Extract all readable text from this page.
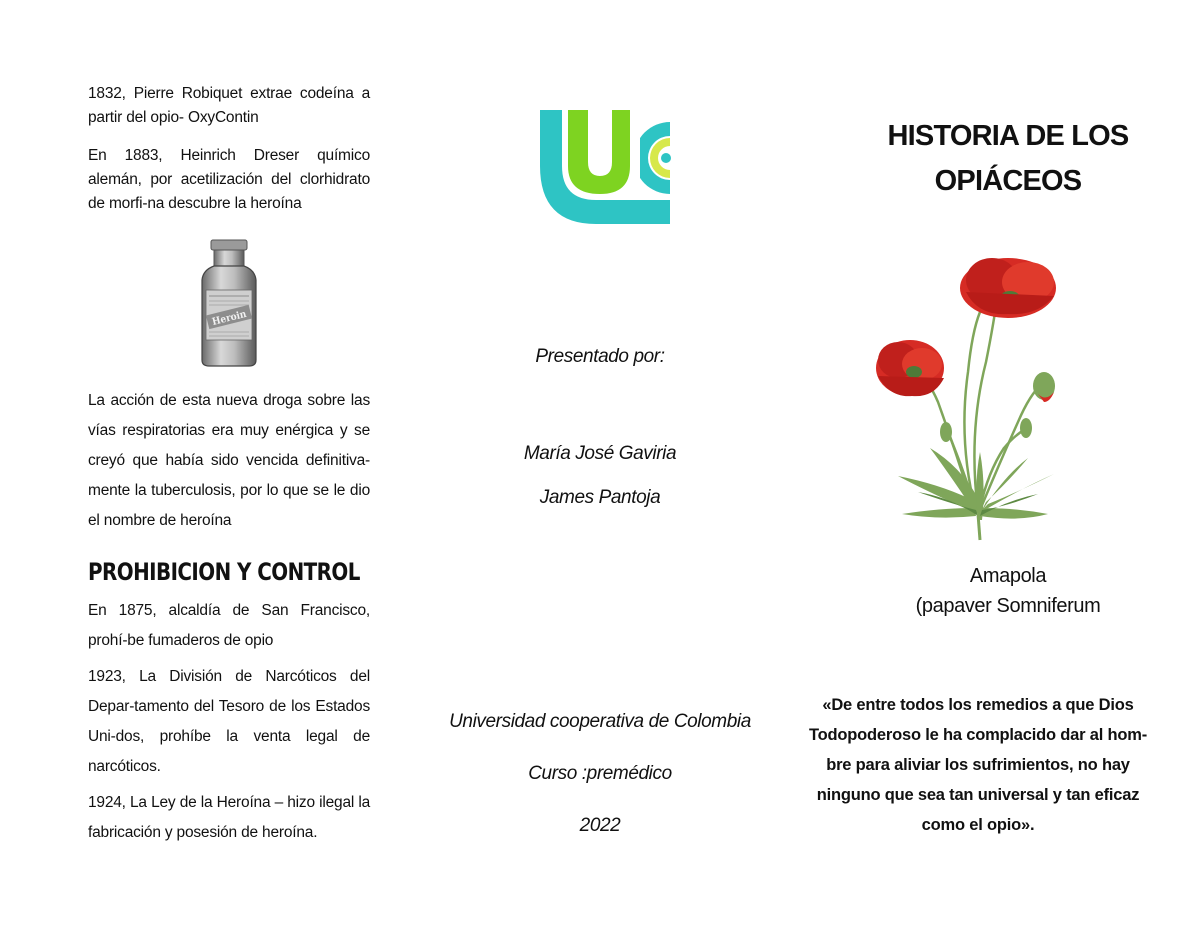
1832, Pierre Robiquet extrae codeína a partir del opio- OxyContin

En 1883, Heinrich Dreser químico alemán, por acetilización del clorhidrato de morfi-na descubre la heroína

Heroin

La acción de esta nueva droga sobre las vías respiratorias era muy enérgica y se creyó que había sido vencida definitiva-mente la tuberculosis, por lo que se le dio el nombre de heroína

PROHIBICION Y CONTROL

En 1875, alcaldía de San Francisco, prohí-be fumaderos de opio

1923, La División de Narcóticos del Depar-tamento del Tesoro de los Estados Uni-dos, prohíbe la venta legal de narcóticos.

1924, La Ley de la Heroína – hizo ilegal la fabricación y posesión de heroína.

Presentado por:
María José Gaviria
James Pantoja
Universidad cooperativa de Colombia
Curso :premédico
2022
HISTORIA DE LOS
OPIÁCEOS
Amapola
(papaver Somniferum
«De entre todos los remedios a que Dios Todopoderoso le ha complacido dar al hom-bre para aliviar los sufrimientos, no hay ninguno que sea tan universal y tan eficaz como el opio».
